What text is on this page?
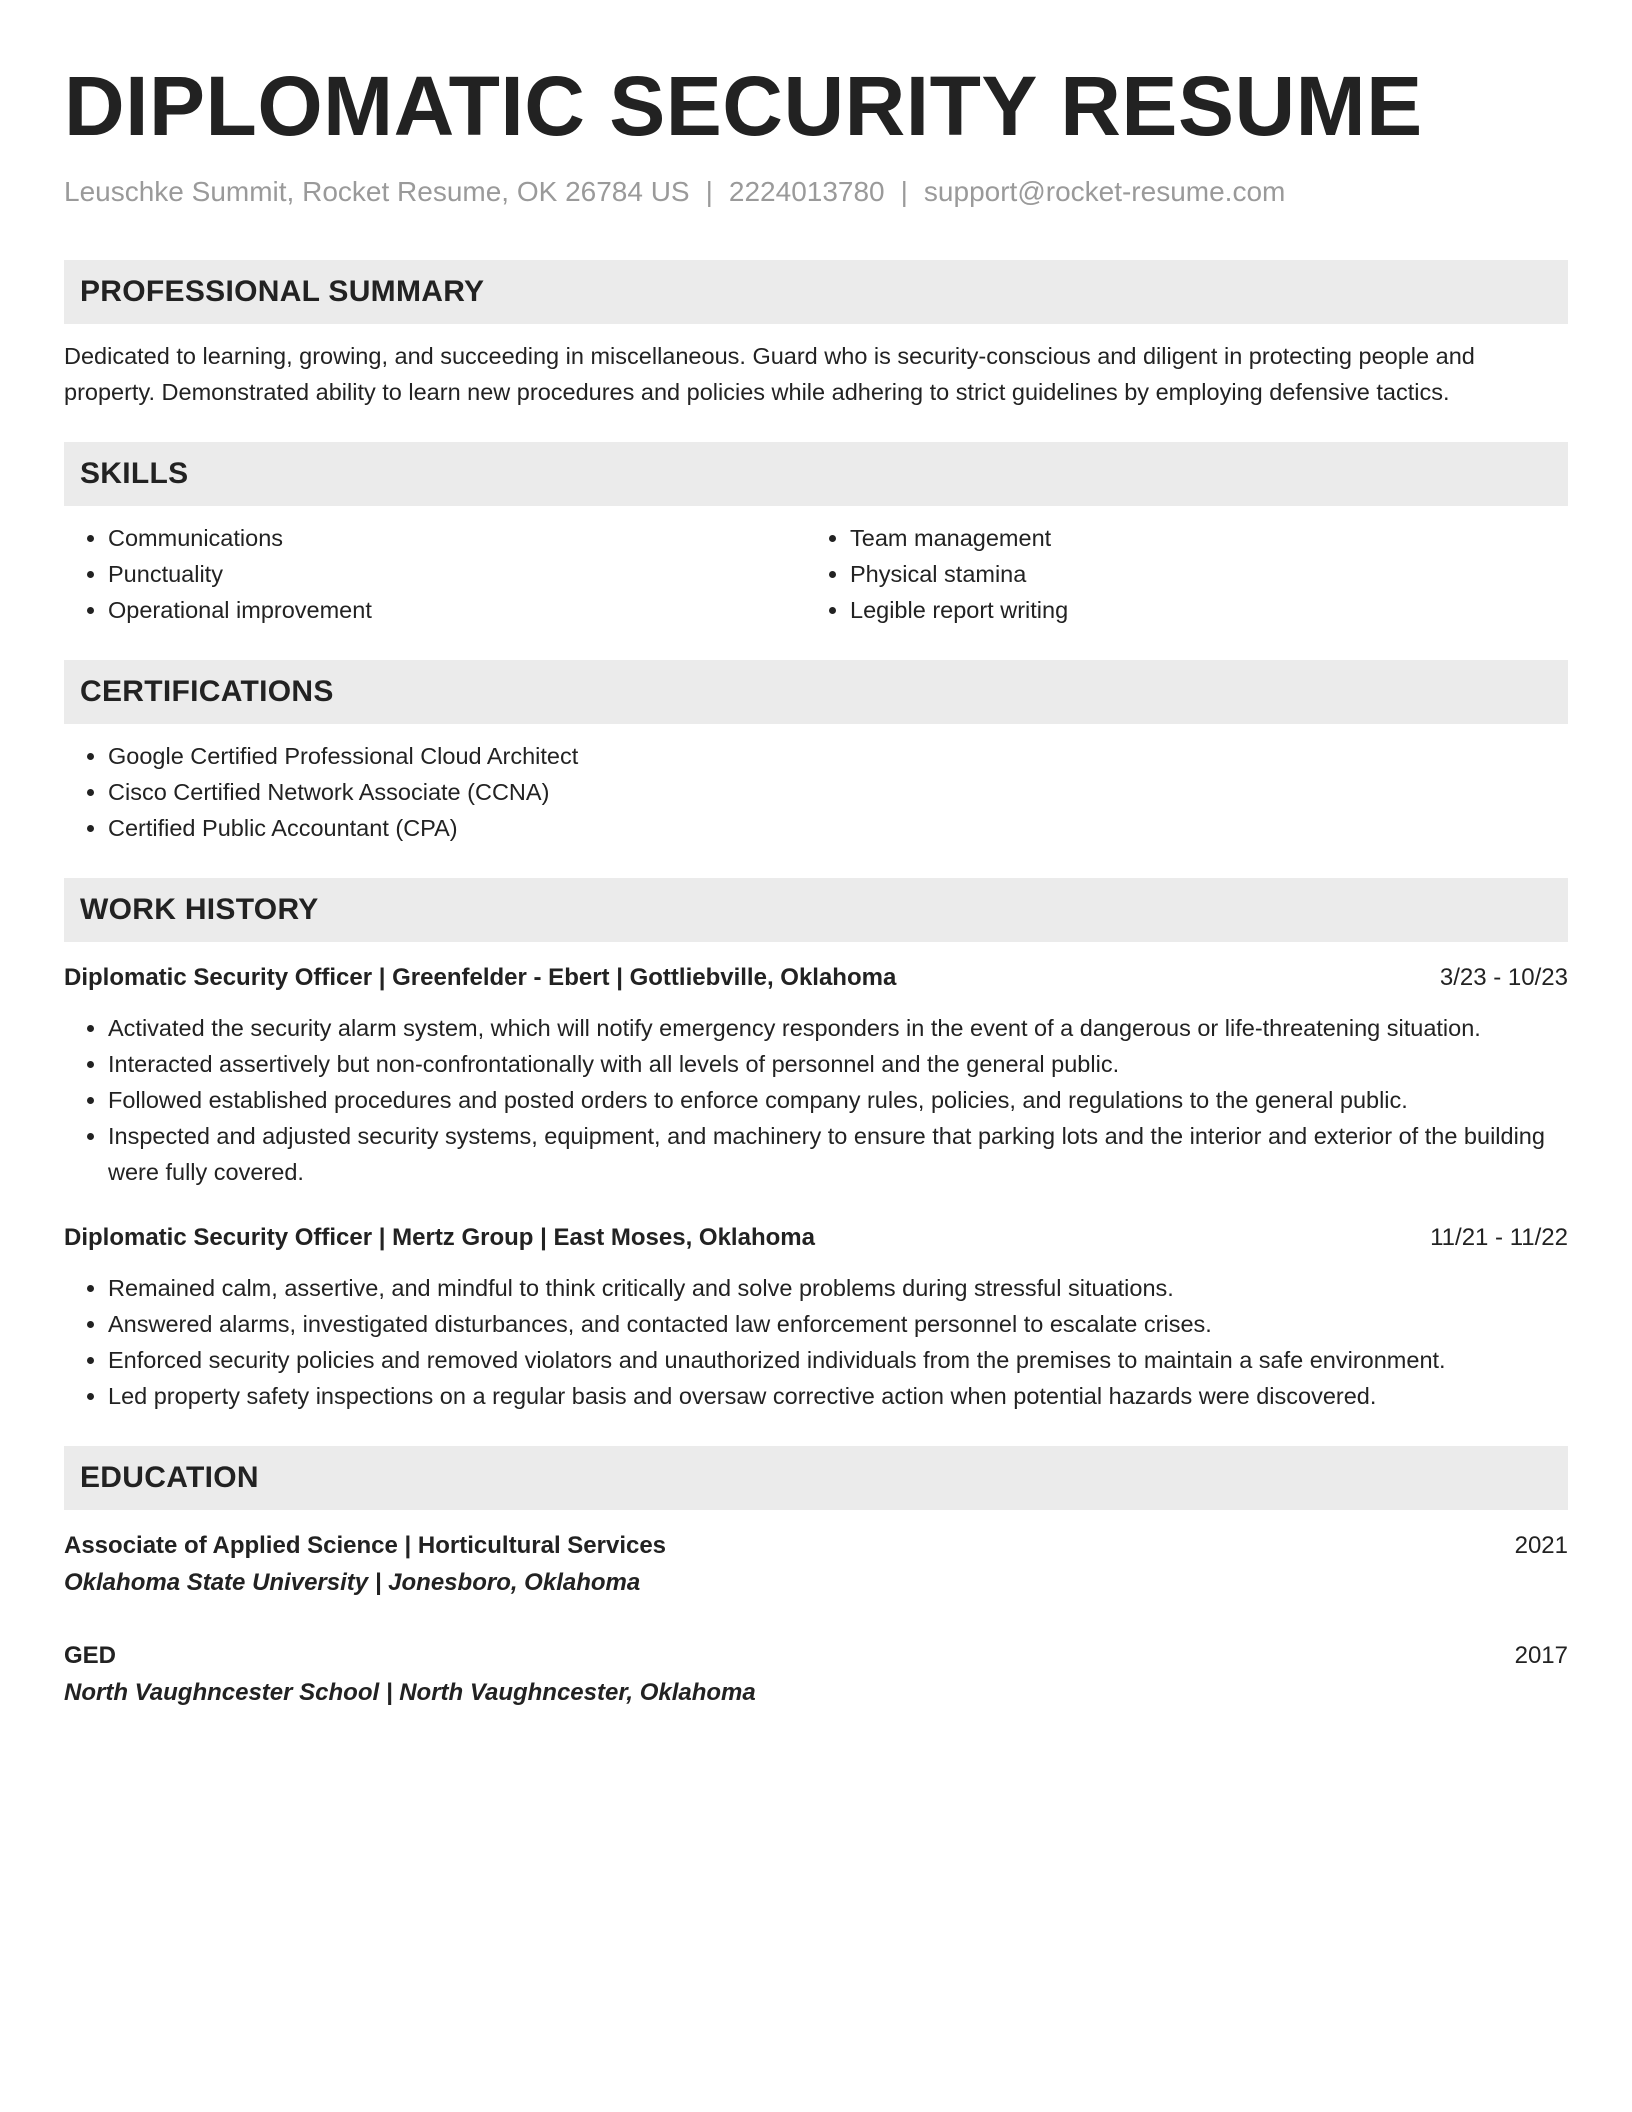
DIPLOMATIC SECURITY RESUME
Leuschke Summit, Rocket Resume, OK 26784 US | 2224013780 | support@rocket-resume.com
PROFESSIONAL SUMMARY
Dedicated to learning, growing, and succeeding in miscellaneous. Guard who is security-conscious and diligent in protecting people and property. Demonstrated ability to learn new procedures and policies while adhering to strict guidelines by employing defensive tactics.
SKILLS
• Communications
• Punctuality
• Operational improvement
• Team management
• Physical stamina
• Legible report writing
CERTIFICATIONS
• Google Certified Professional Cloud Architect
• Cisco Certified Network Associate (CCNA)
• Certified Public Accountant (CPA)
WORK HISTORY
Diplomatic Security Officer | Greenfelder - Ebert | Gottliebville, Oklahoma	3/23 - 10/23
• Activated the security alarm system, which will notify emergency responders in the event of a dangerous or life-threatening situation.
• Interacted assertively but non-confrontationally with all levels of personnel and the general public.
• Followed established procedures and posted orders to enforce company rules, policies, and regulations to the general public.
• Inspected and adjusted security systems, equipment, and machinery to ensure that parking lots and the interior and exterior of the building were fully covered.
Diplomatic Security Officer | Mertz Group | East Moses, Oklahoma	11/21 - 11/22
• Remained calm, assertive, and mindful to think critically and solve problems during stressful situations.
• Answered alarms, investigated disturbances, and contacted law enforcement personnel to escalate crises.
• Enforced security policies and removed violators and unauthorized individuals from the premises to maintain a safe environment.
• Led property safety inspections on a regular basis and oversaw corrective action when potential hazards were discovered.
EDUCATION
Associate of Applied Science | Horticultural Services	2021
Oklahoma State University | Jonesboro, Oklahoma
GED	2017
North Vaughncester School | North Vaughncester, Oklahoma
